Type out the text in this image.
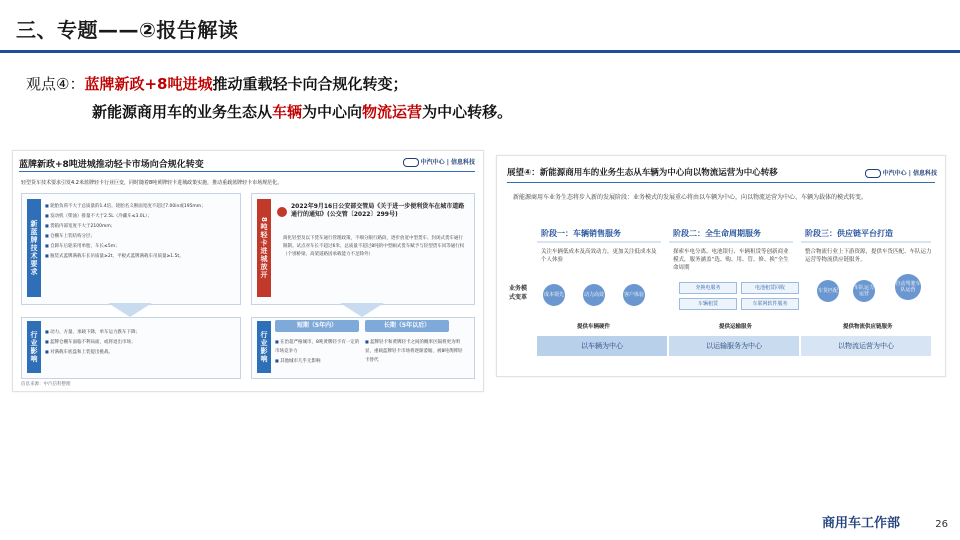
三、专题——②报告解读
观点④：蓝牌新政+8吨进城推动重载轻卡向合规化转变；
新能源商用车的业务生态从车辆为中心向物流运营为中心转移。
蓝牌新政+8吨进城推动轻卡市场向合规化转变	中汽中心 | 信息科技
轻型货车技术要求引发4.2米蓝牌轻卡行业巨变，同时随着8吨黄牌轻卡进城政策实施，推动重载蓝牌轻卡市场规范化。
新蓝牌技术要求
■ 轮胎负荷不大于总质量的1.4倍，轮胎名义断面宽度不超过7.00in或195mm；
■ 发动机（柴油）排量不大于2.5L（冷藏车≤3.0L）；
■ 货箱内部宽度不大于2100mm；
■ 仓栅车上装结构分层；
■ 自卸车后轮采用单胎，车长≤5m；
■ 瓶装式蓝牌满载车长吊质量≥2t，平板式蓝牌满载车吊质量≥1.5t。	8吨轻卡进城放开
2022年9月16日公安部交管局《关于进一步便利货车在城市道路通行的通知》(公交管〔2022〕299号)
商化轻型及以下货车通行管理政策，不细分限行路段，逐步放宽中型货车、封闭式货车通行限制。试点对车长不超过6米、总质量不超过8吨的中型厢式货车赋予与轻型货车同等通行权（个别桥梁、高架道路因承载能力不足除外）
行业影响
■	动力、方量、承载下降，单车运力跌车下降；
■ 蓝牌仓栅车面临不利局面，或将退出市场；
■ 对满载车底盘和上装提出挑战。	行业影响
短期（5年内）	长期（5年以后）
■ 在治超严格城市，8吨黄牌轻卡有一定的市场竞争力
■ 其他城市几乎无影响
■ 蓝牌轻卡和黄牌轻卡之间的概率区隔将更为明显，重载蓝牌轻卡市场将逐渐萎缩，被8吨黄牌轻卡替代
信息来源：中汽信科整理
展望④：新能源商用车的业务生态从车辆为中心向以物流运营为中心转移	中汽中心 | 信息科技
新能源商用车业务生态将步入新的发展阶段：业务模式的发展重心将由以车辆为中心，向以物流运营为中心、车辆为载体的模式转变。
业务模式变革
阶段一：车辆销售服务	阶段二：全生命周期服务	阶段三：供应链平台打造
关注车辆低成本及高效动力，更加关注低成本及个人体验
探索车电分离、电池银行、车辆租赁等创新商业模式，服务涵盖“选、购、用、管、修、换”全生命周期
整合物流行业上下游资源，提供车货匹配、车队运力运营等物流供应链服务。
成本领先	动力高效	客户体验
充换电服务	电池租赁回收
车辆租赁	车联网软件服务
车货匹配	车队运力运营
自动驾驶车队运营
提供车辆硬件	提供运输服务	提供物流供应链服务
以车辆为中心	以运输服务为中心	以物流运营为中心
商用车工作部	26
